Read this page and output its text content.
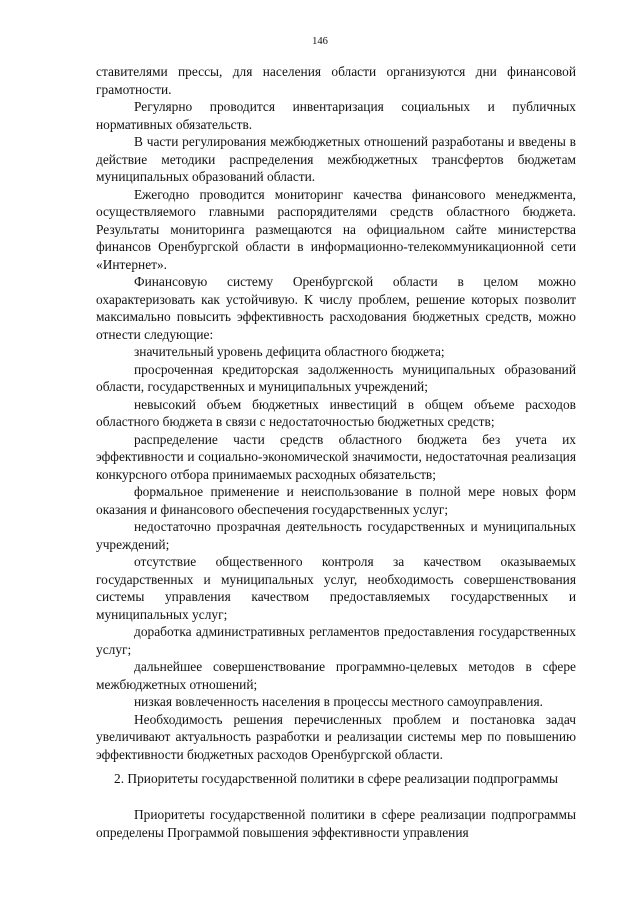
146

ставителями прессы, для населения области организуются дни финансовой грамотности.

Регулярно проводится инвентаризация социальных и публичных нормативных обязательств.

В части регулирования межбюджетных отношений разработаны и введены в действие методики распределения межбюджетных трансфертов бюджетам муниципальных образований области.

Ежегодно проводится мониторинг качества финансового менеджмента, осуществляемого главными распорядителями средств областного бюджета. Результаты мониторинга размещаются на официальном сайте министерства финансов Оренбургской области в информационно-телекоммуникационной сети «Интернет».

Финансовую систему Оренбургской области в целом можно охарактеризовать как устойчивую. К числу проблем, решение которых позволит максимально повысить эффективность расходования бюджетных средств, можно отнести следующие:

значительный уровень дефицита областного бюджета;

просроченная кредиторская задолженность муниципальных образований области, государственных и муниципальных учреждений;

невысокий объем бюджетных инвестиций в общем объеме расходов областного бюджета в связи с недостаточностью бюджетных средств;

распределение части средств областного бюджета без учета их эффективности и социально-экономической значимости, недостаточная реализация конкурсного отбора принимаемых расходных обязательств;

формальное применение и неиспользование в полной мере новых форм оказания и финансового обеспечения государственных услуг;

недостаточно прозрачная деятельность государственных и муниципальных учреждений;

отсутствие общественного контроля за качеством оказываемых государственных и муниципальных услуг, необходимость совершенствования системы управления качеством предоставляемых государственных и муниципальных услуг;

доработка административных регламентов предоставления государственных услуг;

дальнейшее совершенствование программно-целевых методов в сфере межбюджетных отношений;

низкая вовлеченность населения в процессы местного самоуправления.

Необходимость решения перечисленных проблем и постановка задач увеличивают актуальность разработки и реализации системы мер по повышению эффективности бюджетных расходов Оренбургской области.

2. Приоритеты государственной политики в сфере реализации подпрограммы

Приоритеты государственной политики в сфере реализации подпрограммы определены Программой повышения эффективности управления
